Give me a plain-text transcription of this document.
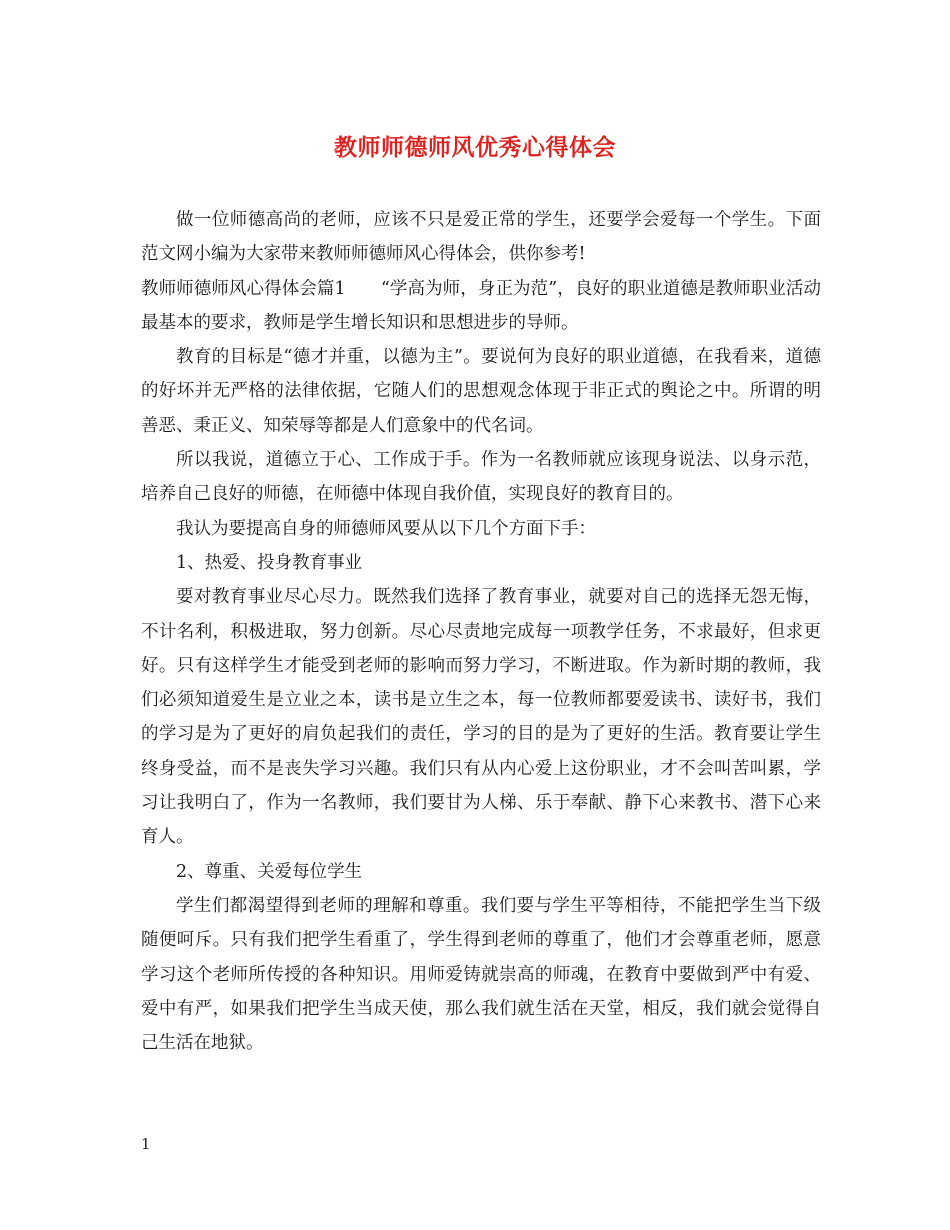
教师师德师风优秀心得体会

做一位师德高尚的老师，应该不只是爱正常的学生，还要学会爱每一个学生。下面范文网小编为大家带来教师师德师风心得体会，供你参考!

教师师德师风心得体会篇1　　“学高为师，身正为范”，良好的职业道德是教师职业活动最基本的要求，教师是学生增长知识和思想进步的导师。

教育的目标是“德才并重，以德为主”。要说何为良好的职业道德，在我看来，道德的好坏并无严格的法律依据，它随人们的思想观念体现于非正式的舆论之中。所谓的明善恶、秉正义、知荣辱等都是人们意象中的代名词。

所以我说，道德立于心、工作成于手。作为一名教师就应该现身说法、以身示范，培养自己良好的师德，在师德中体现自我价值，实现良好的教育目的。

我认为要提高自身的师德师风要从以下几个方面下手：

1、热爱、投身教育事业

要对教育事业尽心尽力。既然我们选择了教育事业，就要对自己的选择无怨无悔，不计名利，积极进取，努力创新。尽心尽责地完成每一项教学任务，不求最好，但求更好。只有这样学生才能受到老师的影响而努力学习，不断进取。作为新时期的教师，我们必须知道爱生是立业之本，读书是立生之本，每一位教师都要爱读书、读好书，我们的学习是为了更好的肩负起我们的责任，学习的目的是为了更好的生活。教育要让学生终身受益，而不是丧失学习兴趣。我们只有从内心爱上这份职业，才不会叫苦叫累，学习让我明白了，作为一名教师，我们要甘为人梯、乐于奉献、静下心来教书、潜下心来育人。

2、尊重、关爱每位学生

学生们都渴望得到老师的理解和尊重。我们要与学生平等相待，不能把学生当下级随便呵斥。只有我们把学生看重了，学生得到老师的尊重了，他们才会尊重老师，愿意学习这个老师所传授的各种知识。用师爱铸就崇高的师魂，在教育中要做到严中有爱、爱中有严，如果我们把学生当成天使，那么我们就生活在天堂，相反，我们就会觉得自己生活在地狱。

1
